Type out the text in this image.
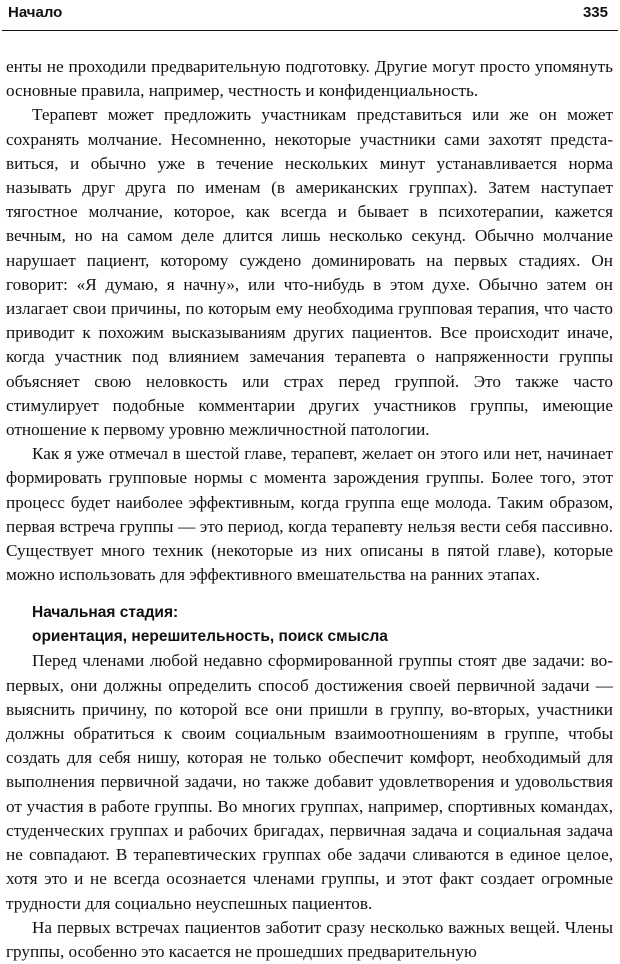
Начало	335

енты не проходили предварительную подготовку. Другие могут просто упомянуть основные правила, например, честность и конфиденциальность.

Терапевт может предложить участникам представиться или же он может сохранять молчание. Несомненно, некоторые участники сами захотят представиться, и обычно уже в течение нескольких минут устанавливается норма называть друг друга по именам (в американских группах). Затем наступает тягостное молчание, которое, как всегда и бывает в психотерапии, кажется вечным, но на самом деле длится лишь несколько секунд. Обычно молчание нарушает пациент, которому суждено доминировать на первых стадиях. Он говорит: «Я думаю, я начну», или что-нибудь в этом духе. Обычно затем он излагает свои причины, по которым ему необходима групповая терапия, что часто приводит к похожим высказываниям других пациентов. Все происходит иначе, когда участник под влиянием замечания терапевта о напряженности группы объясняет свою неловкость или страх перед группой. Это также часто стимулирует подобные комментарии других участников группы, имеющие отношение к первому уровню межличностной патологии.

Как я уже отмечал в шестой главе, терапевт, желает он этого или нет, начинает формировать групповые нормы с момента зарождения группы. Более того, этот процесс будет наиболее эффективным, когда группа еще молода. Таким образом, первая встреча группы — это период, когда терапевту нельзя вести себя пассивно. Существует много техник (некоторые из них описаны в пятой главе), которые можно использовать для эффективного вмешательства на ранних этапах.

Начальная стадия:
ориентация, нерешительность, поиск смысла

Перед членами любой недавно сформированной группы стоят две задачи: во-первых, они должны определить способ достижения своей первичной задачи — выяснить причину, по которой все они пришли в группу, во-вторых, участники должны обратиться к своим социальным взаимоотношениям в группе, чтобы создать для себя нишу, которая не только обеспечит комфорт, необходимый для выполнения первичной задачи, но также добавит удовлетворения и удовольствия от участия в работе группы. Во многих группах, например, спортивных командах, студенческих группах и рабочих бригадах, первичная задача и социальная задача не совпадают. В терапевтических группах обе задачи сливаются в единое целое, хотя это и не всегда осознается членами группы, и этот факт создает огромные трудности для социально неуспешных пациентов.

На первых встречах пациентов заботит сразу несколько важных вещей. Члены группы, особенно это касается не прошедших предварительную
